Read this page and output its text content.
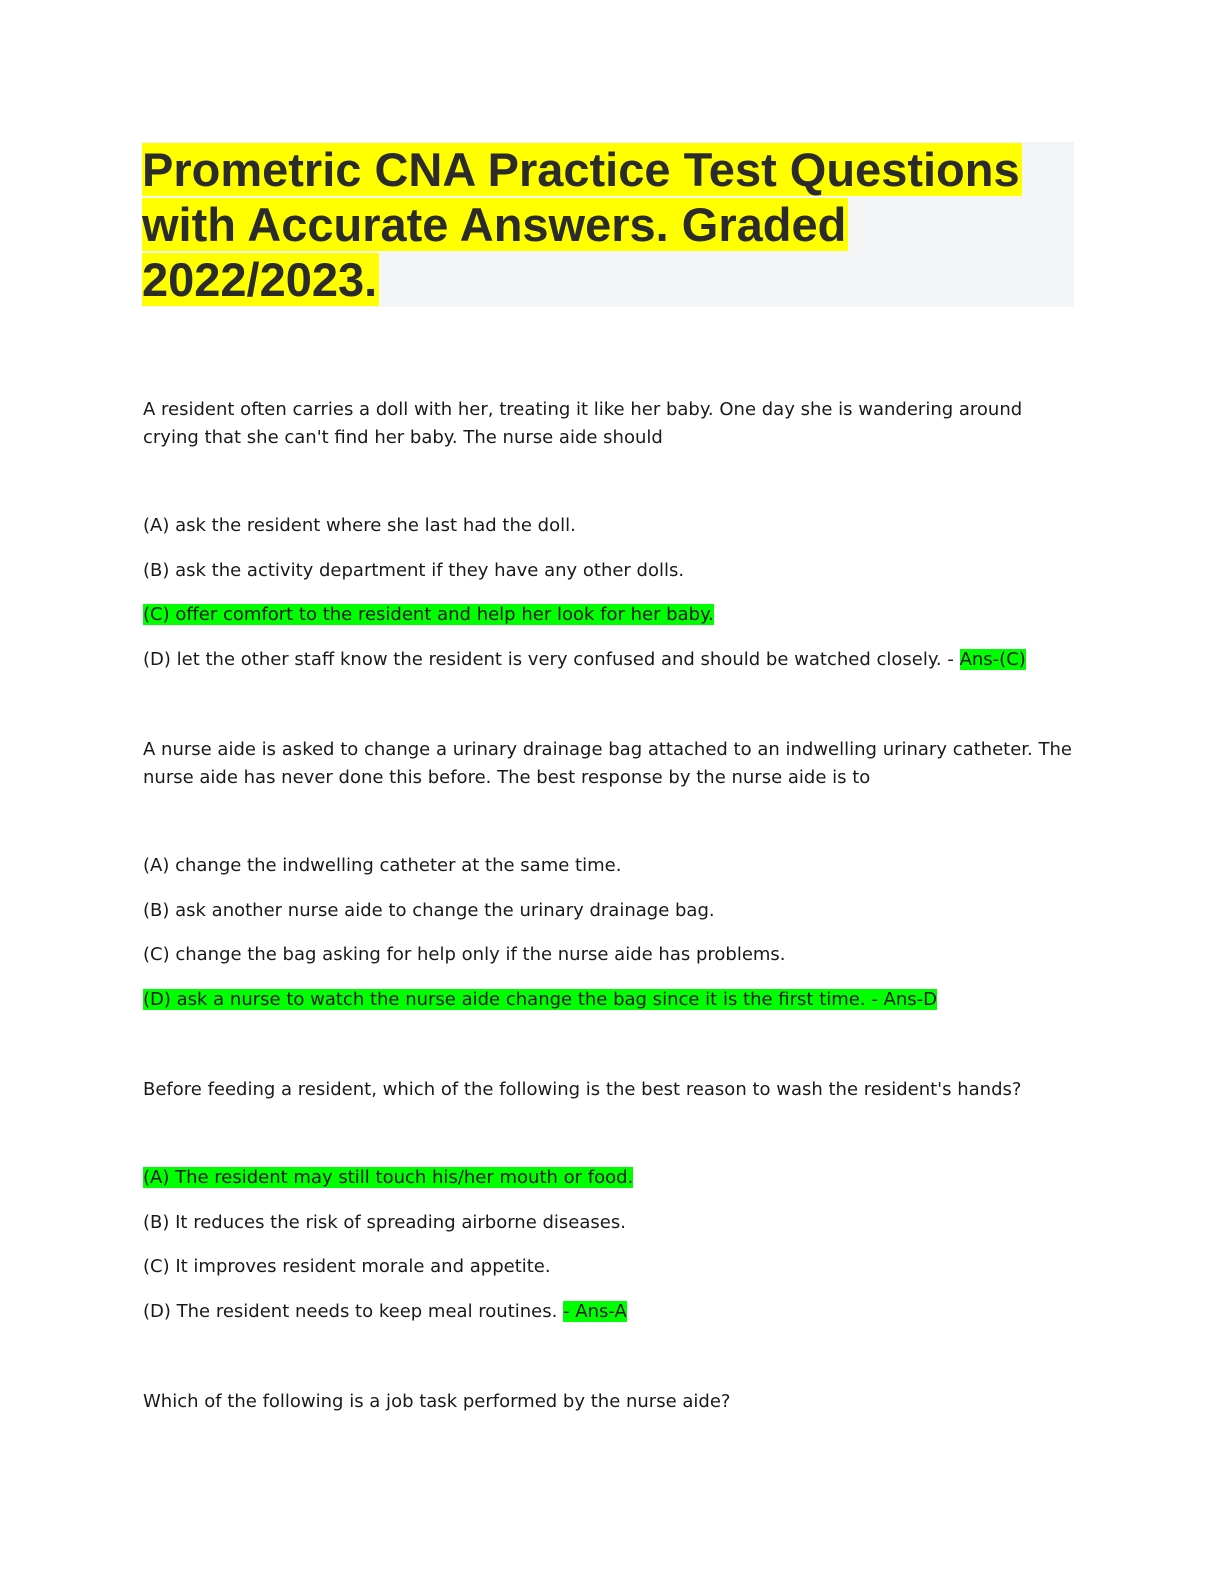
Prometric CNA Practice Test Questions
with Accurate Answers. Graded
2022/2023.

A resident often carries a doll with her, treating it like her baby. One day she is wandering around crying that she can't find her baby. The nurse aide should

(A) ask the resident where she last had the doll.
(B) ask the activity department if they have any other dolls.
(C) offer comfort to the resident and help her look for her baby.
(D) let the other staff know the resident is very confused and should be watched closely. - Ans-(C)

A nurse aide is asked to change a urinary drainage bag attached to an indwelling urinary catheter. The nurse aide has never done this before. The best response by the nurse aide is to

(A) change the indwelling catheter at the same time.
(B) ask another nurse aide to change the urinary drainage bag.
(C) change the bag asking for help only if the nurse aide has problems.
(D) ask a nurse to watch the nurse aide change the bag since it is the first time. - Ans-D

Before feeding a resident, which of the following is the best reason to wash the resident's hands?

(A) The resident may still touch his/her mouth or food.
(B) It reduces the risk of spreading airborne diseases.
(C) It improves resident morale and appetite.
(D) The resident needs to keep meal routines. - Ans-A

Which of the following is a job task performed by the nurse aide?
